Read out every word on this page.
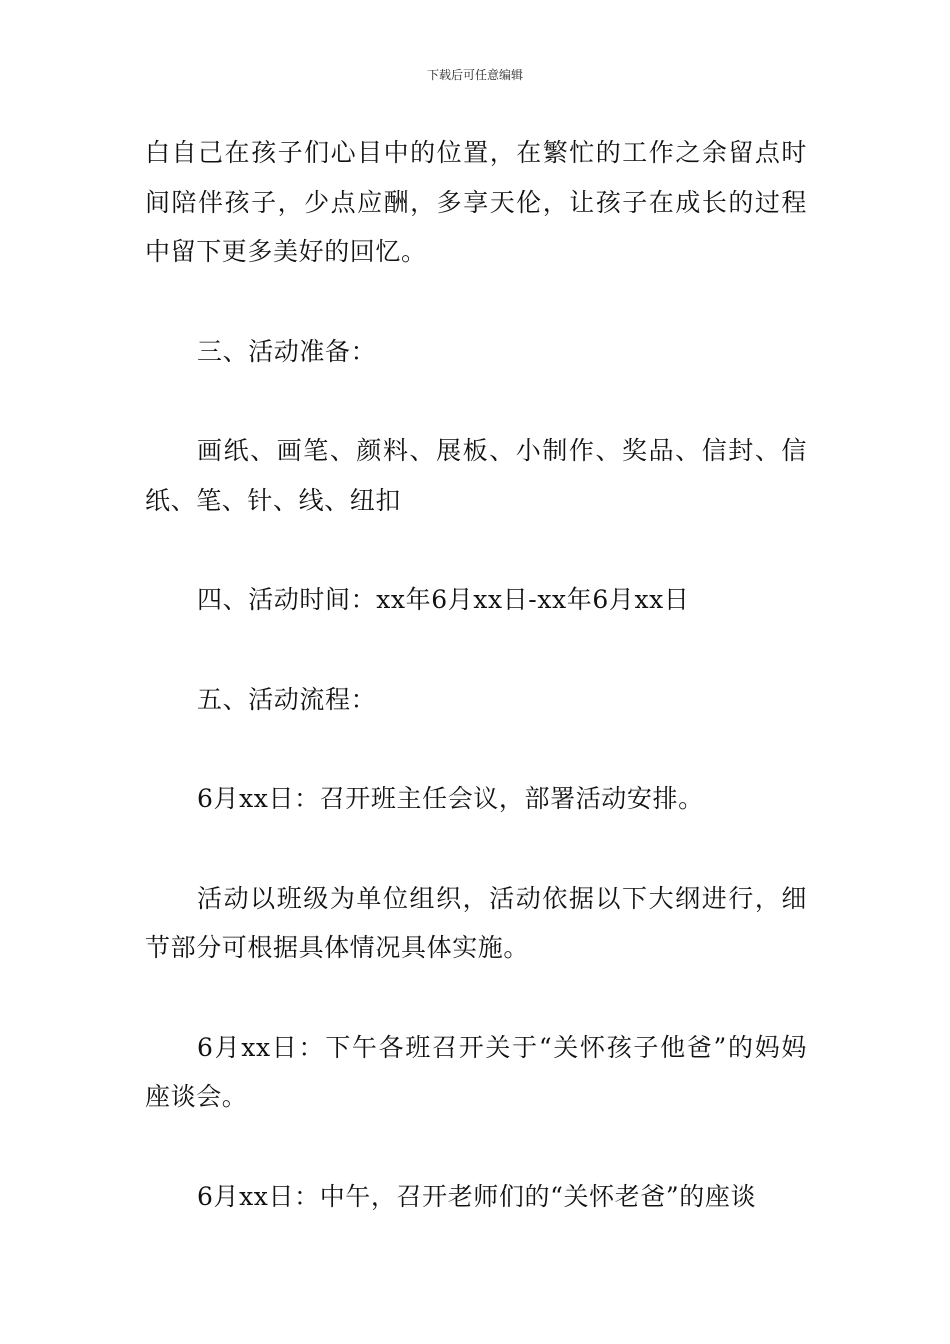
下载后可任意编辑

白自己在孩子们心目中的位置，在繁忙的工作之余留点时间陪伴孩子，少点应酬，多享天伦，让孩子在成长的过程中留下更多美好的回忆。

三、活动准备：

画纸、画笔、颜料、展板、小制作、奖品、信封、信纸、笔、针、线、纽扣

四、活动时间：xx年6月xx日-xx年6月xx日

五、活动流程：

6月xx日：召开班主任会议，部署活动安排。

活动以班级为单位组织，活动依据以下大纲进行，细节部分可根据具体情况具体实施。

6月xx日：下午各班召开关于“关怀孩子他爸”的妈妈座谈会。

6月xx日：中午，召开老师们的“关怀老爸”的座谈
